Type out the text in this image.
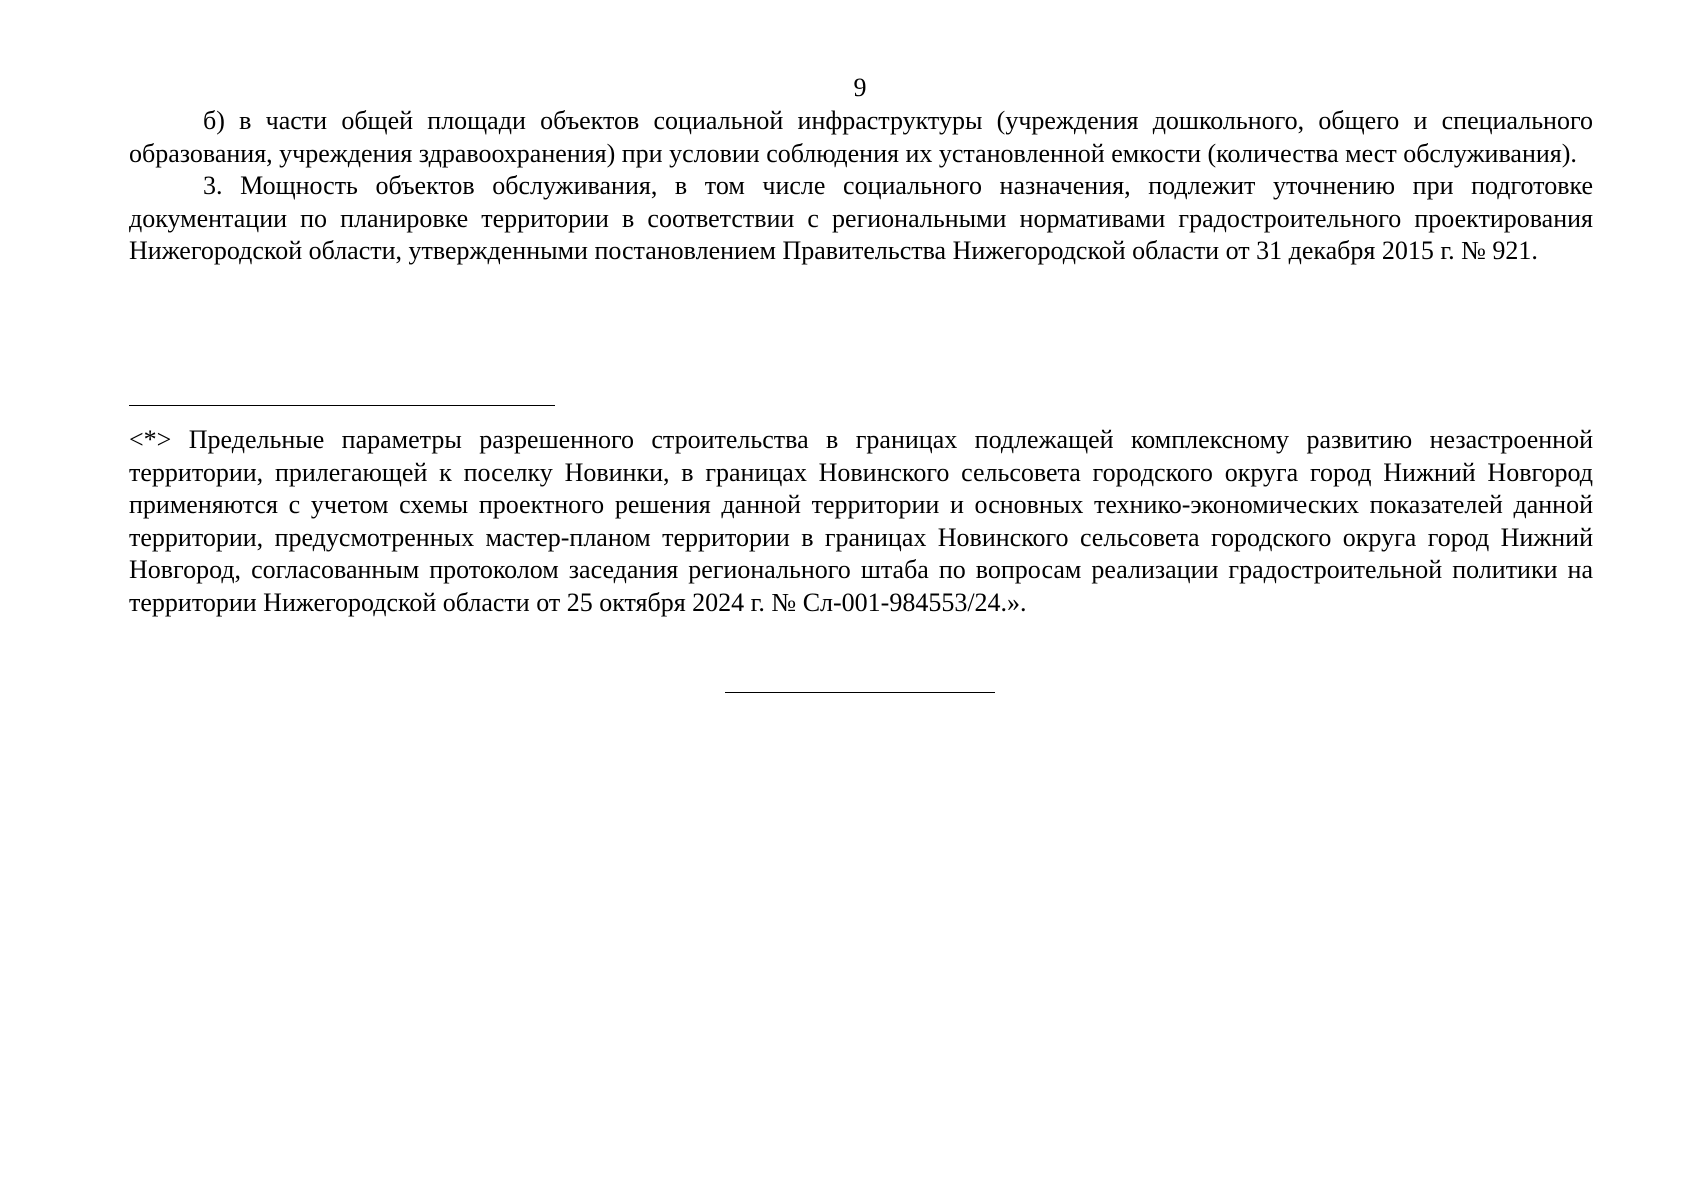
9

б) в части общей площади объектов социальной инфраструктуры (учреждения дошкольного, общего и специального образования, учреждения здравоохранения) при условии соблюдения их установленной емкости (количества мест обслуживания).

3. Мощность объектов обслуживания, в том числе социального назначения, подлежит уточнению при подготовке документации по планировке территории в соответствии с региональными нормативами градостроительного проектирования Нижегородской области, утвержденными постановлением Правительства Нижегородской области от 31 декабря 2015 г. № 921.

<*> Предельные параметры разрешенного строительства в границах подлежащей комплексному развитию незастроенной территории, прилегающей к поселку Новинки, в границах Новинского сельсовета городского округа город Нижний Новгород применяются с учетом схемы проектного решения данной территории и основных технико-экономических показателей данной территории, предусмотренных мастер-планом территории в границах Новинского сельсовета городского округа город Нижний Новгород, согласованным протоколом заседания регионального штаба по вопросам реализации градостроительной политики на территории Нижегородской области от 25 октября 2024 г. № Сл-001-984553/24.».
